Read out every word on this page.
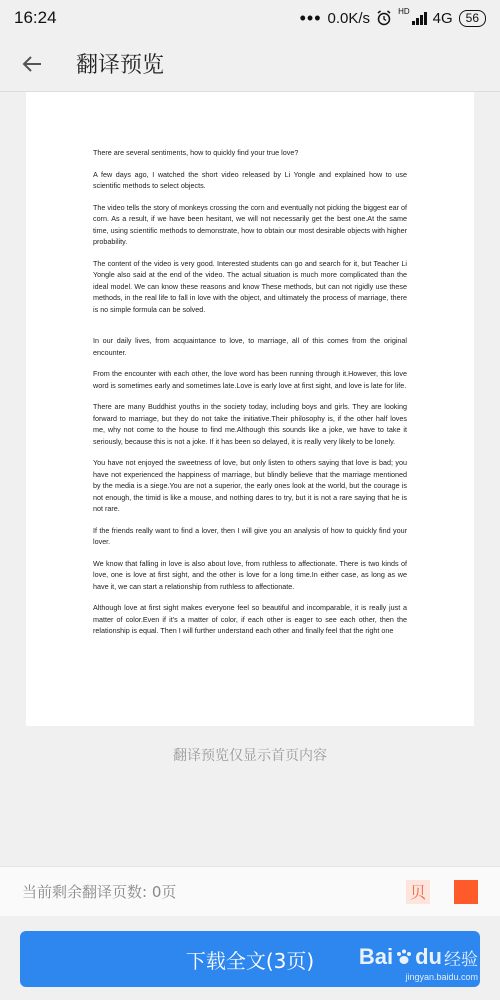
16:24	••• 0.0K/s	HD 4G 56
翻译预览

There are several sentiments, how to quickly find your true love?

A few days ago, I watched the short video released by Li Yongle and explained how to use scientific methods to select objects.

The video tells the story of monkeys crossing the corn and eventually not picking the biggest ear of corn. As a result, if we have been hesitant, we will not necessarily get the best one.At the same time, using scientific methods to demonstrate, how to obtain our most desirable objects with higher probability.

The content of the video is very good. Interested students can go and search for it, but Teacher Li Yongle also said at the end of the video. The actual situation is much more complicated than the ideal model. We can know these reasons and know These methods, but can not rigidly use these methods, in the real life to fall in love with the object, and ultimately the process of marriage, there is no simple formula can be solved.

In our daily lives, from acquaintance to love, to marriage, all of this comes from the original encounter.

From the encounter with each other, the love word has been running through it.However, this love word is sometimes early and sometimes late.Love is early love at first sight, and love is late for life.

There are many Buddhist youths in the society today, including boys and girls. They are looking forward to marriage, but they do not take the initiative.Their philosophy is, if the other half loves me, why not come to the house to find me.Although this sounds like a joke, we have to take it seriously, because this is not a joke. If it has been so delayed, it is really very likely to be lonely.

You have not enjoyed the sweetness of love, but only listen to others saying that love is bad; you have not experienced the happiness of marriage, but blindly believe that the marriage mentioned by the media is a siege.You are not a superior, the early ones look at the world, but the courage is not enough, the timid is like a mouse, and nothing dares to try, but it is not a rare saying that he is not rare.

If the friends really want to find a lover, then I will give you an analysis of how to quickly find your lover.

We know that falling in love is also about love, from ruthless to affectionate. There is two kinds of love, one is love at first sight, and the other is love for a long time.In either case, as long as we have it, we can start a relationship from ruthless to affectionate.

Although love at first sight makes everyone feel so beautiful and incomparable, it is really just a matter of color.Even if it's a matter of color, if each other is eager to see each other, then the relationship is equal. Then I will further understand each other and finally feel that the right one

翻译预览仅显示首页内容
当前剩余翻译页数: 0页	贝
下载全文(3页)	Bai du 经验
jingyan.baidu.com
